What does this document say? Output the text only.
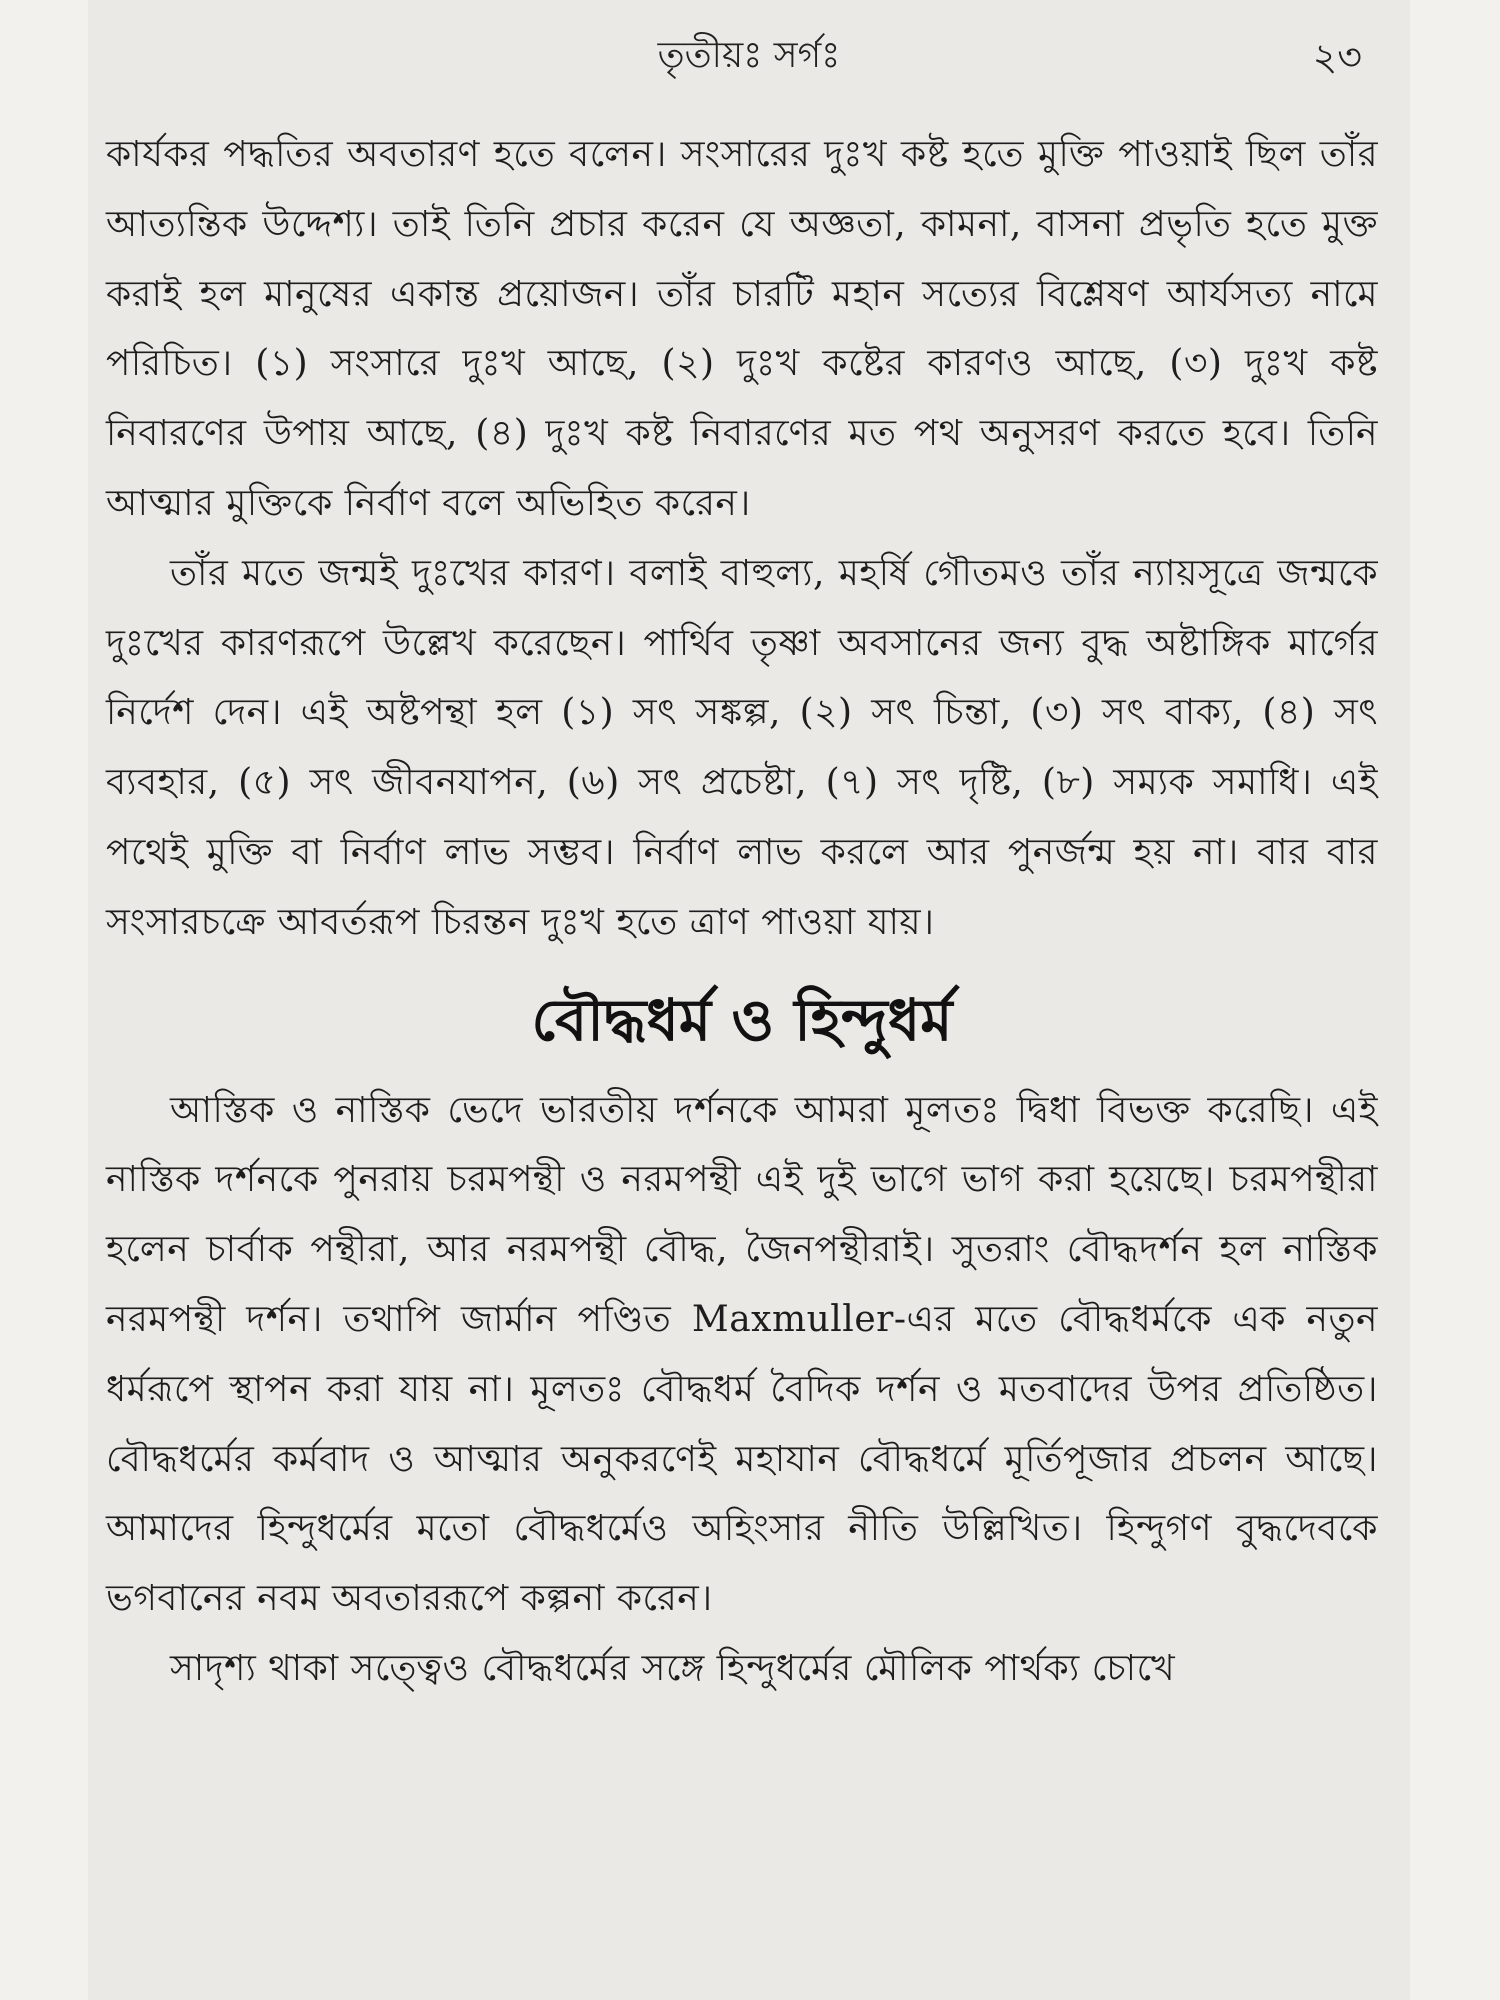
তৃতীয়ঃ সর্গঃ	২৩

কার্যকর পদ্ধতির অবতারণ হতে বলেন। সংসারের দুঃখ কষ্ট হতে মুক্তি পাওয়াই ছিল তাঁর আত্যন্তিক উদ্দেশ্য। তাই তিনি প্রচার করেন যে অজ্ঞতা, কামনা, বাসনা প্রভৃতি হতে মুক্ত করাই হল মানুষের একান্ত প্রয়োজন। তাঁর চারটি মহান সত্যের বিশ্লেষণ আর্যসত্য নামে পরিচিত। (১) সংসারে দুঃখ আছে, (২) দুঃখ কষ্টের কারণও আছে, (৩) দুঃখ কষ্ট নিবারণের উপায় আছে, (৪) দুঃখ কষ্ট নিবারণের মত পথ অনুসরণ করতে হবে। তিনি আত্মার মুক্তিকে নির্বাণ বলে অভিহিত করেন।

তাঁর মতে জন্মই দুঃখের কারণ। বলাই বাহুল্য, মহর্ষি গৌতমও তাঁর ন্যায়সূত্রে জন্মকে দুঃখের কারণরূপে উল্লেখ করেছেন। পার্থিব তৃষ্ণা অবসানের জন্য বুদ্ধ অষ্টাঙ্গিক মার্গের নির্দেশ দেন। এই অষ্টপন্থা হল (১) সৎ সঙ্কল্প, (২) সৎ চিন্তা, (৩) সৎ বাক্য, (৪) সৎ ব্যবহার, (৫) সৎ জীবনযাপন, (৬) সৎ প্রচেষ্টা, (৭) সৎ দৃষ্টি, (৮) সম্যক সমাধি। এই পথেই মুক্তি বা নির্বাণ লাভ সম্ভব। নির্বাণ লাভ করলে আর পুনর্জন্ম হয় না। বার বার সংসারচক্রে আবর্তরূপ চিরন্তন দুঃখ হতে ত্রাণ পাওয়া যায়।

বৌদ্ধধর্ম ও হিন্দুধর্ম

আস্তিক ও নাস্তিক ভেদে ভারতীয় দর্শনকে আমরা মূলতঃ দ্বিধা বিভক্ত করেছি। এই নাস্তিক দর্শনকে পুনরায় চরমপন্থী ও নরমপন্থী এই দুই ভাগে ভাগ করা হয়েছে। চরমপন্থীরা হলেন চার্বাক পন্থীরা, আর নরমপন্থী বৌদ্ধ, জৈনপন্থীরাই। সুতরাং বৌদ্ধদর্শন হল নাস্তিক নরমপন্থী দর্শন। তথাপি জার্মান পণ্ডিত Maxmuller-এর মতে বৌদ্ধধর্মকে এক নতুন ধর্মরূপে স্থাপন করা যায় না। মূলতঃ বৌদ্ধধর্ম বৈদিক দর্শন ও মতবাদের উপর প্রতিষ্ঠিত। বৌদ্ধধর্মের কর্মবাদ ও আত্মার অনুকরণেই মহাযান বৌদ্ধধর্মে মূর্তিপূজার প্রচলন আছে। আমাদের হিন্দুধর্মের মতো বৌদ্ধধর্মেও অহিংসার নীতি উল্লিখিত। হিন্দুগণ বুদ্ধদেবকে ভগবানের নবম অবতাররূপে কল্পনা করেন।

সাদৃশ্য থাকা সত্ত্বেও বৌদ্ধধর্মের সঙ্গে হিন্দুধর্মের মৌলিক পার্থক্য চোখে
